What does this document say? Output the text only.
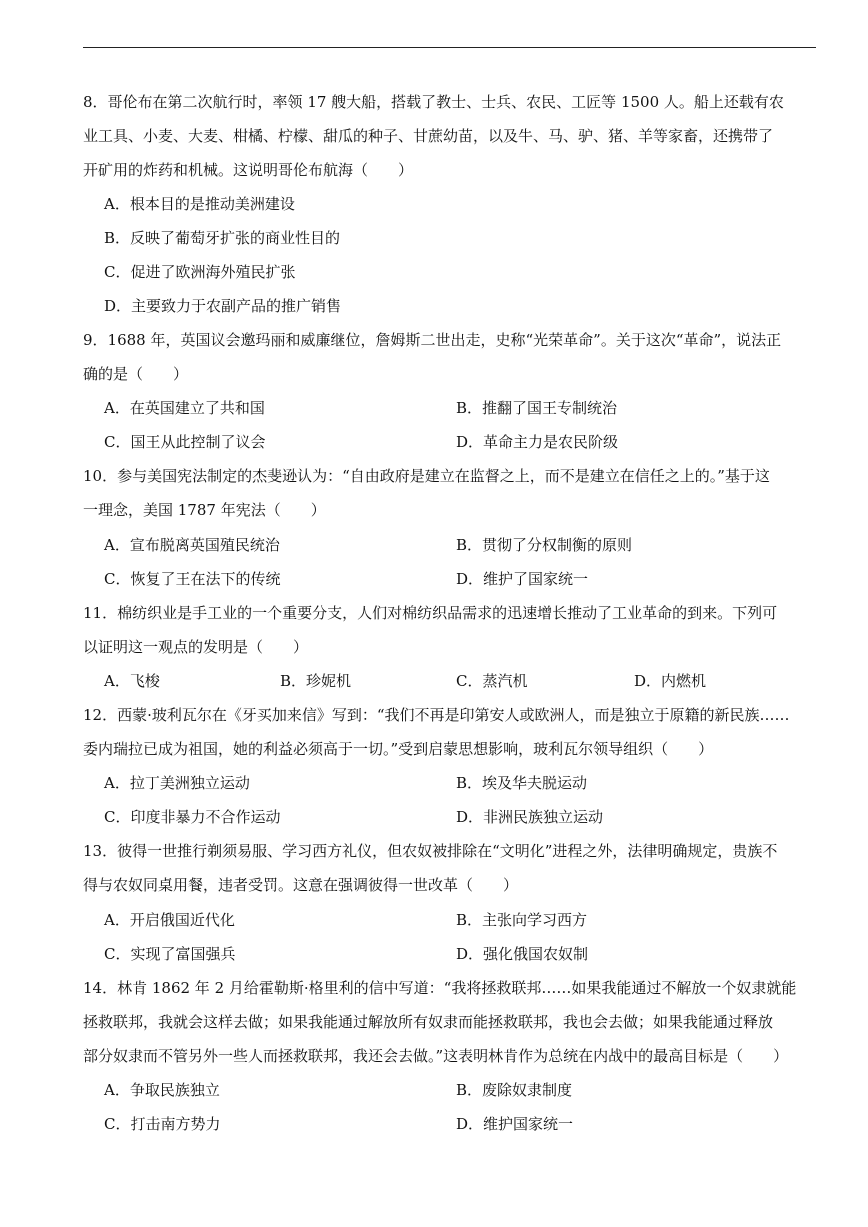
8．哥伦布在第二次航行时，率领 17 艘大船，搭载了教士、士兵、农民、工匠等 1500 人。船上还载有农
业工具、小麦、大麦、柑橘、柠檬、甜瓜的种子、甘蔗幼苗，以及牛、马、驴、猪、羊等家畜，还携带了
开矿用的炸药和机械。这说明哥伦布航海（　　）
A．根本目的是推动美洲建设
B．反映了葡萄牙扩张的商业性目的
C．促进了欧洲海外殖民扩张
D．主要致力于农副产品的推广销售
9．1688 年，英国议会邀玛丽和威廉继位，詹姆斯二世出走，史称“光荣革命”。关于这次“革命”，说法正
确的是（　　）
A．在英国建立了共和国	B．推翻了国王专制统治
C．国王从此控制了议会	D．革命主力是农民阶级
10．参与美国宪法制定的杰斐逊认为：“自由政府是建立在监督之上，而不是建立在信任之上的。”基于这
一理念，美国 1787 年宪法（　　）
A．宣布脱离英国殖民统治	B．贯彻了分权制衡的原则
C．恢复了王在法下的传统	D．维护了国家统一
11．棉纺织业是手工业的一个重要分支，人们对棉纺织品需求的迅速增长推动了工业革命的到来。下列可
以证明这一观点的发明是（　　）
A．飞梭	B．珍妮机	C．蒸汽机	D．内燃机
12．西蒙·玻利瓦尔在《牙买加来信》写到：“我们不再是印第安人或欧洲人，而是独立于原籍的新民族……
委内瑞拉已成为祖国，她的利益必须高于一切。”受到启蒙思想影响，玻利瓦尔领导组织（　　）
A．拉丁美洲独立运动	B．埃及华夫脱运动
C．印度非暴力不合作运动	D．非洲民族独立运动
13．彼得一世推行剃须易服、学习西方礼仪，但农奴被排除在“文明化”进程之外，法律明确规定，贵族不
得与农奴同桌用餐，违者受罚。这意在强调彼得一世改革（　　）
A．开启俄国近代化	B．主张向学习西方
C．实现了富国强兵	D．强化俄国农奴制
14．林肯 1862 年 2 月给霍勒斯·格里利的信中写道：“我将拯救联邦……如果我能通过不解放一个奴隶就能
拯救联邦，我就会这样去做；如果我能通过解放所有奴隶而能拯救联邦，我也会去做；如果我能通过释放
部分奴隶而不管另外一些人而拯救联邦，我还会去做。”这表明林肯作为总统在内战中的最高目标是（　　）
A．争取民族独立	B．废除奴隶制度
C．打击南方势力	D．维护国家统一
